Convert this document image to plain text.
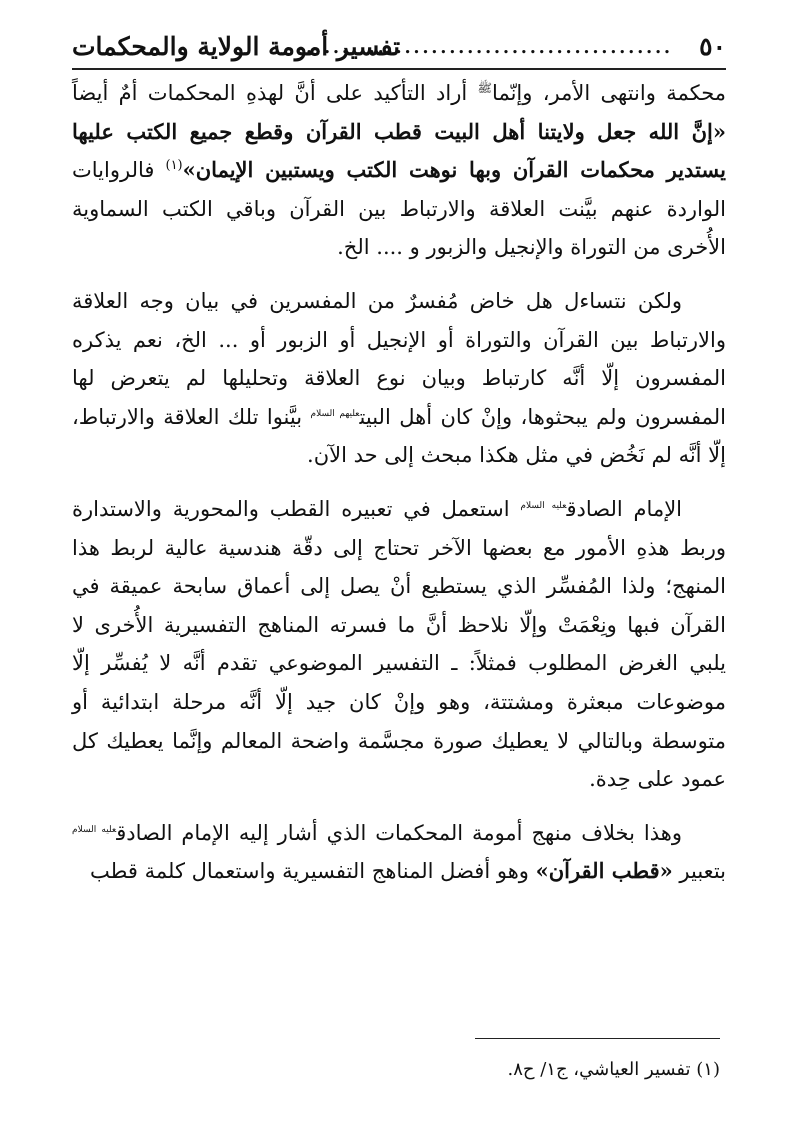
٥٠
.........................................
تفسير أمومة الولاية والمحكمات

محكمة وانتهى الأمر، وإنّما$^ﷺ$ أراد التأكيد على أنَّ لهذهِ المحكمات أمٌ أيضاً «إنَّ الله جعل ولايتنا أهل البيت قطب القرآن وقطع جميع الكتب عليها يستدير محكمات القرآن وبها نوهت الكتب ويستبين الإيمان»$^{(١)}$ فالروايات الواردة عنهم بيَّنت العلاقة والارتباط بين القرآن وباقي الكتب السماوية الأُخرى من التوراة والإنجيل والزبور و .... الخ.

ولكن نتساءل هل خاض مُفسرٌ من المفسرين في بيان وجه العلاقة والارتباط بين القرآن والتوراة أو الإنجيل أو الزبور أو ... الخ، نعم يذكره المفسرون إلّا أنَّه كارتباط وبيان نوع العلاقة وتحليلها لم يتعرض لها المفسرون ولم يبحثوها، وإنْ كان أهل البيت$^{عليهم السلام}$ بيَّنوا تلك العلاقة والارتباط، إلّا أنَّه لم نَخُض في مثل هكذا مبحث إلى حد الآن.

الإمام الصادق$^{عليه السلام}$ استعمل في تعبيره القطب والمحورية والاستدارة وربط هذهِ الأمور مع بعضها الآخر تحتاج إلى دقّة هندسية عالية لربط هذا المنهج؛ ولذا المُفسِّر الذي يستطيع أنْ يصل إلى أعماق سابحة عميقة في القرآن فبها ونِعْمَتْ وإلّا نلاحظ أنَّ ما فسرته المناهج التفسيرية الأُخرى لا يلبي الغرض المطلوب فمثلاً: ـ التفسير الموضوعي تقدم أنَّه لا يُفسِّر إلّا موضوعات مبعثرة ومشتتة، وهو وإنْ كان جيد إلّا أنَّه مرحلة ابتدائية أو متوسطة وبالتالي لا يعطيك صورة مجسَّمة واضحة المعالم وإنَّما يعطيك كل عمود على حِدة.

وهذا بخلاف منهج أمومة المحكمات الذي أشار إليه الإمام الصادق$^{عليه السلام}$ بتعبير «قطب القرآن» وهو أفضل المناهج التفسيرية واستعمال كلمة قطب

(١) تفسير العياشي، ج١/ ح٨.
